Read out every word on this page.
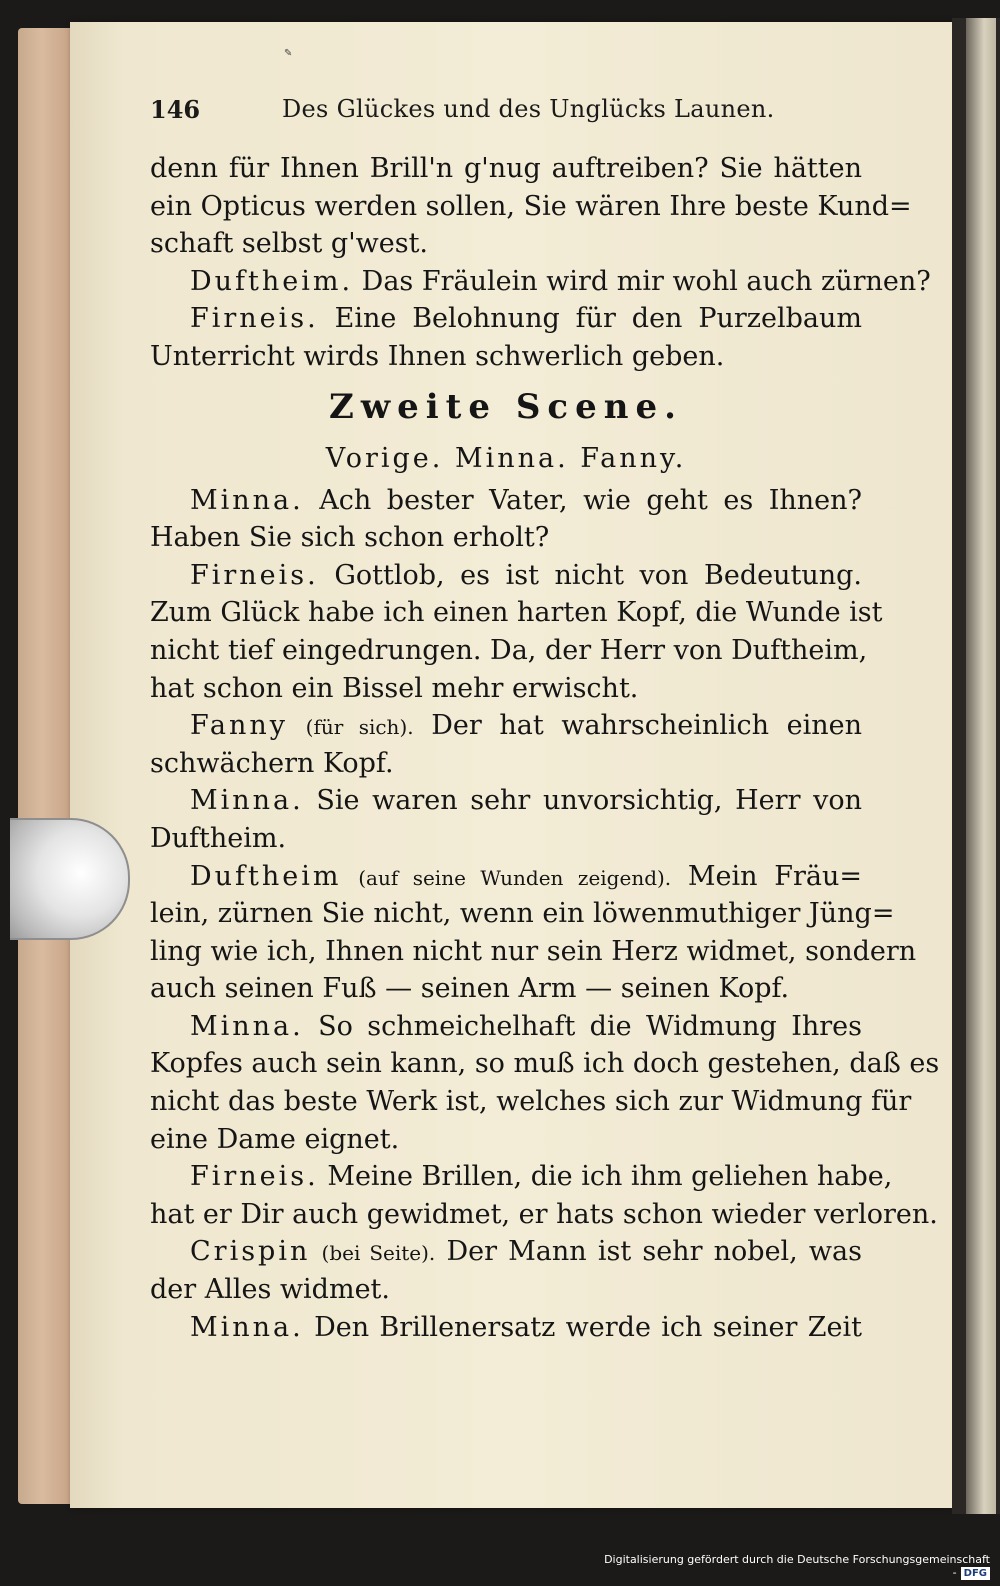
✎
146	Des Glückes und des Unglücks Launen.
denn für Ihnen Brill'n g'nug auftreiben? Sie hätten
ein Opticus werden sollen, Sie wären Ihre beste Kund=
schaft selbst g'west.
Duftheim. Das Fräulein wird mir wohl auch zürnen?
Firneis. Eine Belohnung für den Purzelbaum
Unterricht wirds Ihnen schwerlich geben.
Zweite Scene.
Vorige. Minna. Fanny.
Minna. Ach bester Vater, wie geht es Ihnen?
Haben Sie sich schon erholt?
Firneis. Gottlob, es ist nicht von Bedeutung.
Zum Glück habe ich einen harten Kopf, die Wunde ist
nicht tief eingedrungen. Da, der Herr von Duftheim,
hat schon ein Bissel mehr erwischt.
Fanny (für sich). Der hat wahrscheinlich einen
schwächern Kopf.
Minna. Sie waren sehr unvorsichtig, Herr von
Duftheim.
Duftheim (auf seine Wunden zeigend). Mein Fräu=
lein, zürnen Sie nicht, wenn ein löwenmuthiger Jüng=
ling wie ich, Ihnen nicht nur sein Herz widmet, sondern
auch seinen Fuß — seinen Arm — seinen Kopf.
Minna. So schmeichelhaft die Widmung Ihres
Kopfes auch sein kann, so muß ich doch gestehen, daß es
nicht das beste Werk ist, welches sich zur Widmung für
eine Dame eignet.
Firneis. Meine Brillen, die ich ihm geliehen habe,
hat er Dir auch gewidmet, er hats schon wieder verloren.
Crispin (bei Seite). Der Mann ist sehr nobel, was
der Alles widmet.
Minna. Den Brillenersatz werde ich seiner Zeit
Digitalisierung gefördert durch die Deutsche Forschungsgemeinschaft - DFG
